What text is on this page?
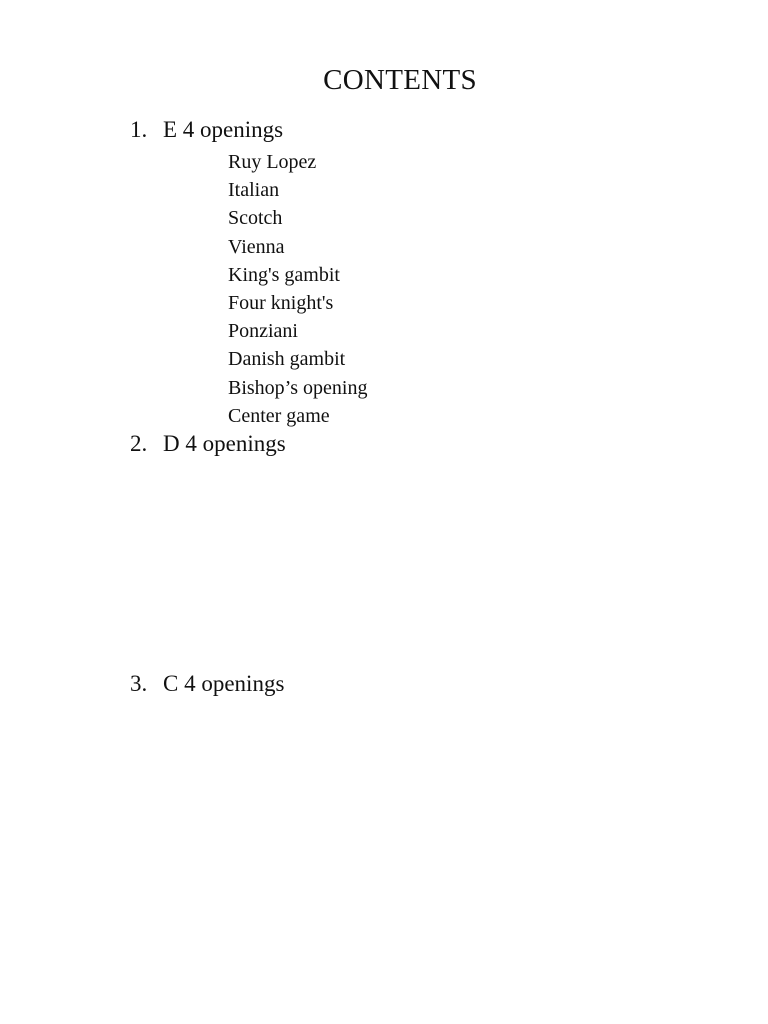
CONTENTS
1. E 4 openings
Ruy Lopez
Italian
Scotch
Vienna
King's gambit
Four knight's
Ponziani
Danish gambit
Bishop’s opening
Center game
2. D 4 openings
3. C 4 openings
